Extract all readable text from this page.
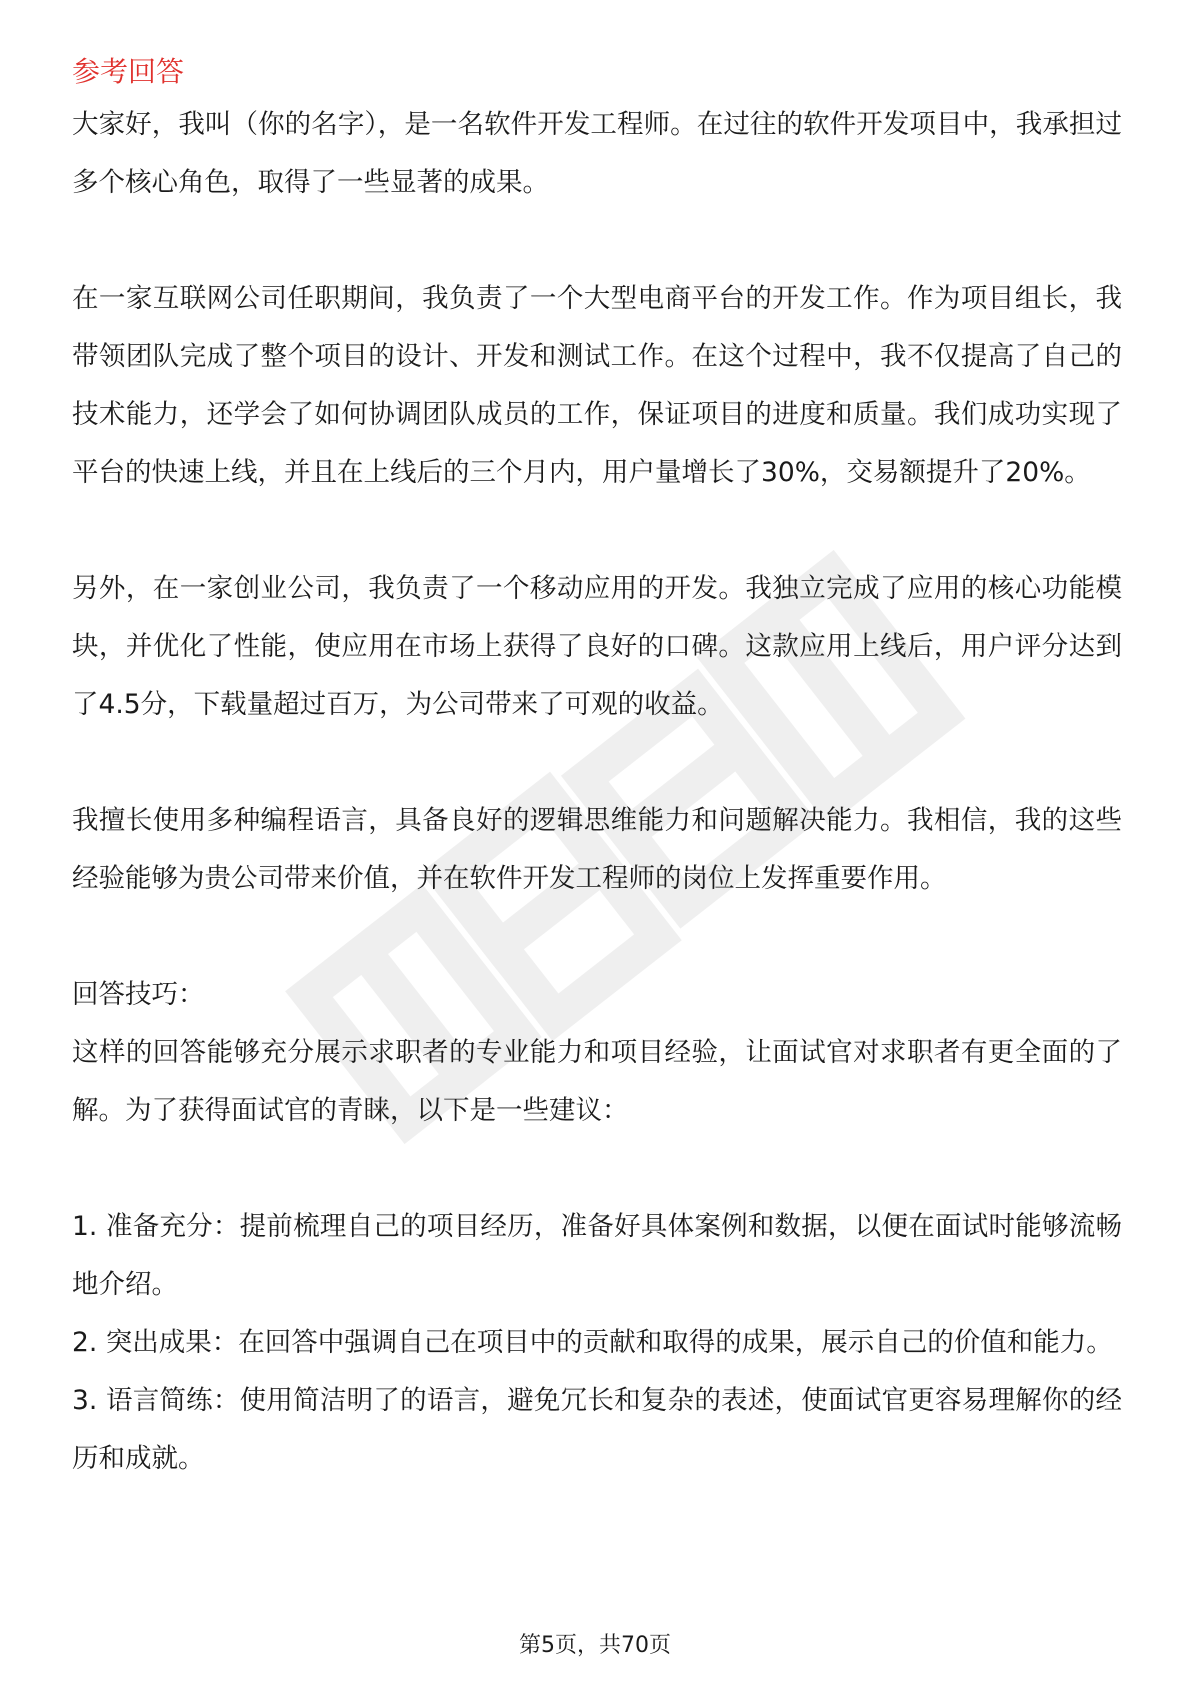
参考回答

大家好，我叫（你的名字），是一名软件开发工程师。在过往的软件开发项目中，我承担过多个核心角色，取得了一些显著的成果。

在一家互联网公司任职期间，我负责了一个大型电商平台的开发工作。作为项目组长，我带领团队完成了整个项目的设计、开发和测试工作。在这个过程中，我不仅提高了自己的技术能力，还学会了如何协调团队成员的工作，保证项目的进度和质量。我们成功实现了平台的快速上线，并且在上线后的三个月内，用户量增长了30%，交易额提升了20%。

另外，在一家创业公司，我负责了一个移动应用的开发。我独立完成了应用的核心功能模块，并优化了性能，使应用在市场上获得了良好的口碑。这款应用上线后，用户评分达到了4.5分，下载量超过百万，为公司带来了可观的收益。

我擅长使用多种编程语言，具备良好的逻辑思维能力和问题解决能力。我相信，我的这些经验能够为贵公司带来价值，并在软件开发工程师的岗位上发挥重要作用。

回答技巧：

这样的回答能够充分展示求职者的专业能力和项目经验，让面试官对求职者有更全面的了解。为了获得面试官的青睐，以下是一些建议：

1. 准备充分：提前梳理自己的项目经历，准备好具体案例和数据，以便在面试时能够流畅地介绍。

2. 突出成果：在回答中强调自己在项目中的贡献和取得的成果，展示自己的价值和能力。

3. 语言简练：使用简洁明了的语言，避免冗长和复杂的表述，使面试官更容易理解你的经历和成就。

第5页，共70页
